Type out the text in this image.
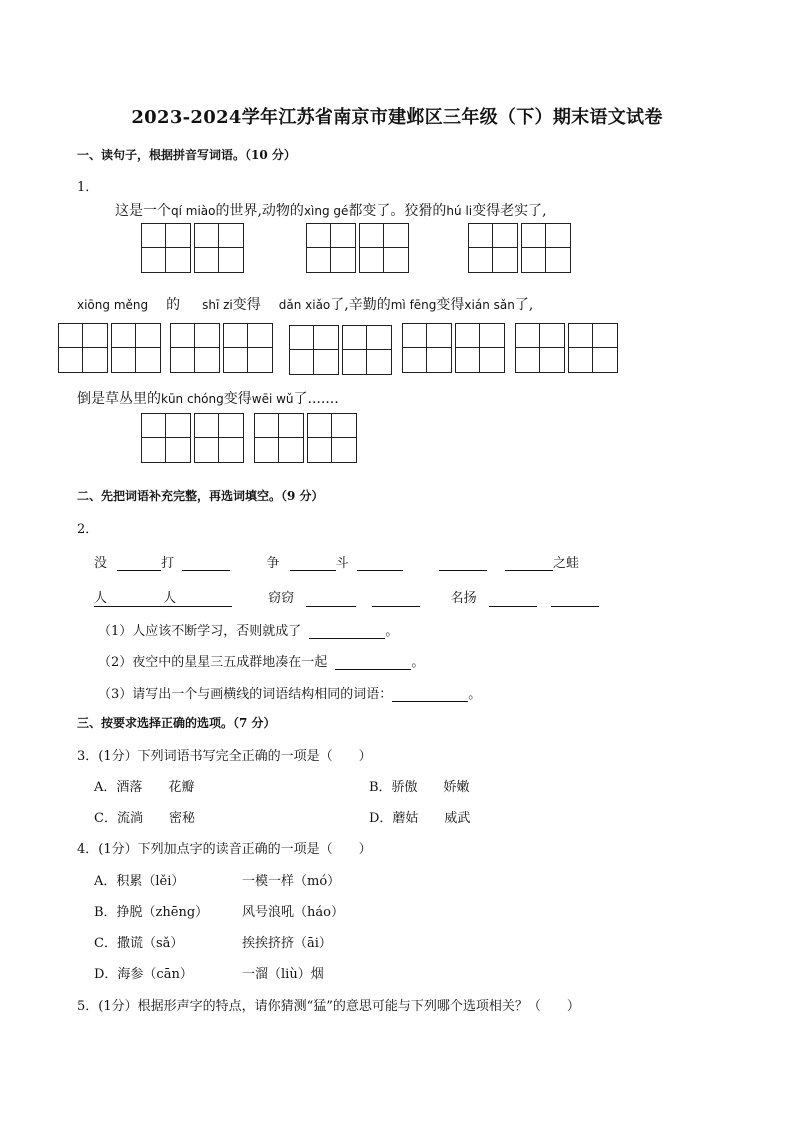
2023-2024学年江苏省南京市建邺区三年级（下）期末语文试卷
一、读句子，根据拼音写词语。（10 分）
1．
这是一个qí miào的世界,动物的xìng gé都变了。狡猾的hú li变得老实了,
xiōng měng 的 shī zi变得 dǎn xiǎo了,辛勤的mì fēng变得xián sǎn了,
倒是草丛里的kūn chóng变得wēi wǔ了.......
二、先把词语补充完整，再选词填空。（9 分）
2．
没	打	争	斗	之蛙
人	人	窃窃	名扬
（1）人应该不断学习，否则就成了	。
（2）夜空中的星星三五成群地凑在一起	。
（3）请写出一个与画横线的词语结构相同的词语：	。
三、按要求选择正确的选项。（7 分）
3．(1分）下列词语书写完全正确的一项是（　　）
A．酒落　　花瓣	B．骄傲　　娇嫩
C．流淌　　密秘	D．蘑姑　　威武
4．(1分）下列加点字的读音正确的一项是（　　）
A．积累（lěi）	一模一样（mó）
B．挣脱（zhēng）	风号浪吼（háo）
C．撒谎（sǎ）	挨挨挤挤（āi）
D．海参（cān）	一溜（liù）烟
5．(1分）根据形声字的特点，请你猜测“猛”的意思可能与下列哪个选项相关？（　　）
